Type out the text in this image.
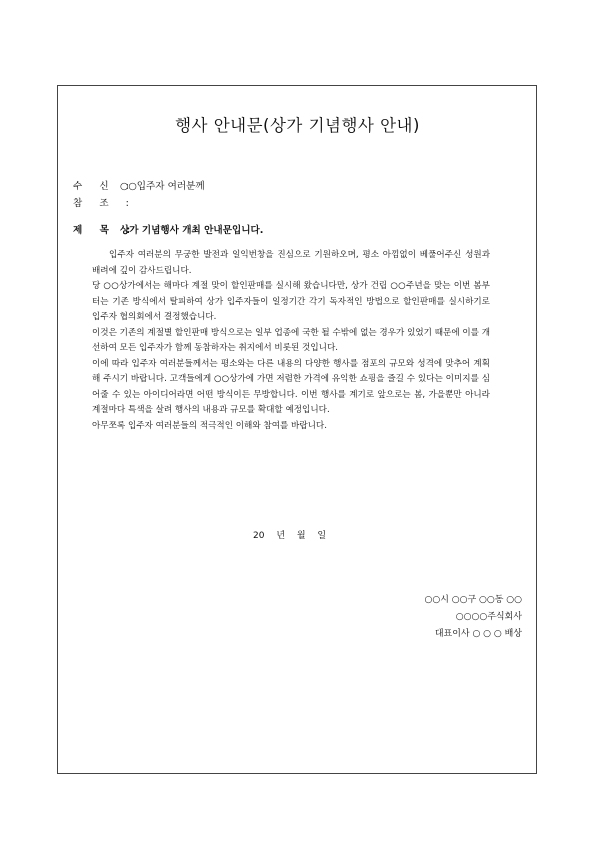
행사 안내문(상가 기념행사 안내)
수 신 :○○입주자 여러분께
참 조 :
제 목 :상가 기념행사 개최 안내문입니다.

입주자 여러분의 무궁한 발전과 일익번창을 진심으로 기원하오며, 평소 아낌없이 베풀어주신 성원과 배려에 깊이 감사드립니다.

당 ○○상가에서는 해마다 계절 맞이 할인판매를 실시해 왔습니다만, 상가 건립 ○○주년을 맞는 이번 봄부터는 기존 방식에서 탈피하여 상가 입주자들이 일정기간 각기 독자적인 방법으로 할인판매를 실시하기로 입주자 협의회에서 결정했습니다.

이것은 기존의 계절별 할인판매 방식으로는 일부 업종에 국한 될 수밖에 없는 경우가 있었기 때문에 이를 개선하여 모든 입주자가 함께 동참하자는 취지에서 비롯된 것입니다.

이에 따라 입주자 여러분들께서는 평소와는 다른 내용의 다양한 행사를 점포의 규모와 성격에 맞추어 계획해 주시기 바랍니다. 고객들에게 ○○상가에 가면 저렴한 가격에 유익한 쇼핑을 즐길 수 있다는 이미지를 심어줄 수 있는 아이디어라면 어떤 방식이든 무방합니다. 이번 행사를 계기로 앞으로는 봄, 가을뿐만 아니라 계절마다 특색을 살려 행사의 내용과 규모를 확대할 예정입니다.

아무쪼록 입주자 여러분들의 적극적인 이해와 참여를 바랍니다.

20 년 월 일
○○시 ○○구 ○○동 ○○
○○○○주식회사
대표이사 ○ ○ ○ 배상
